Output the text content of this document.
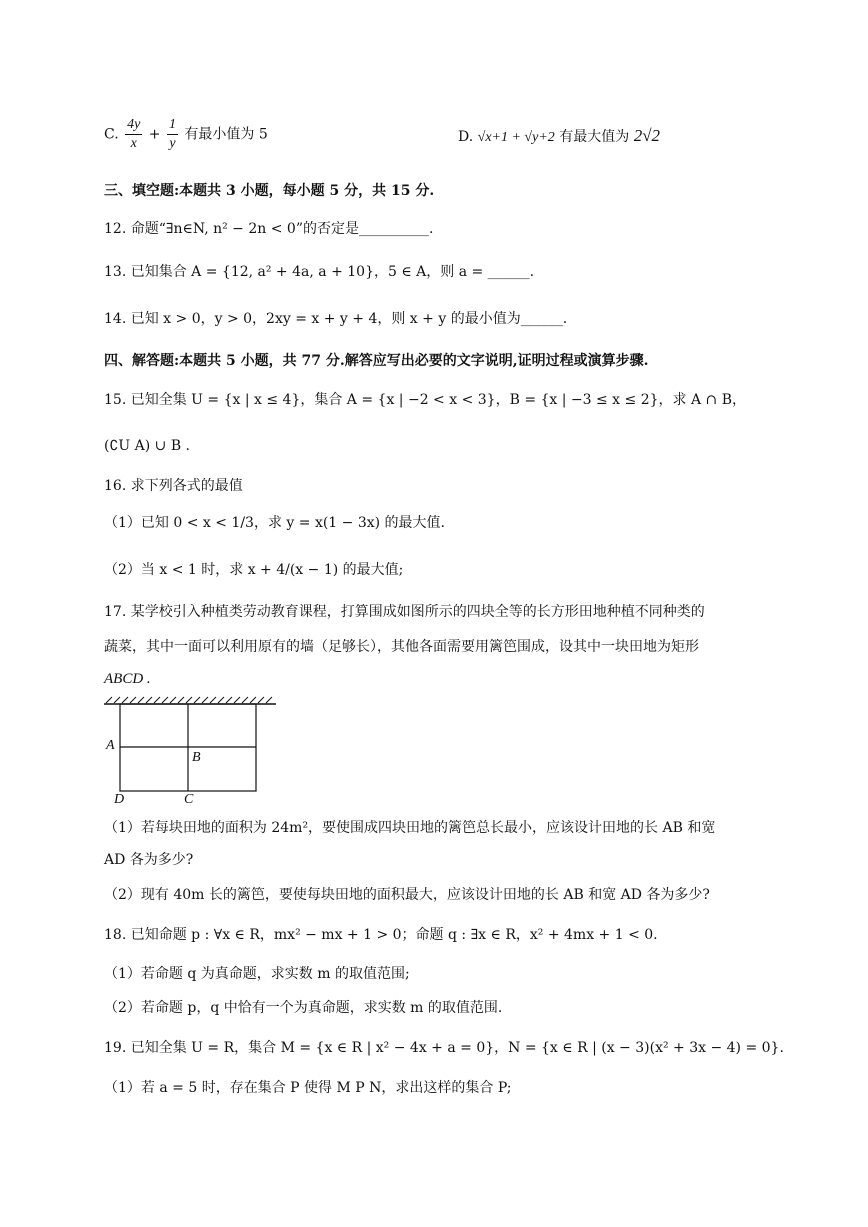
C. $\frac{4y}{x} + \frac{1}{y}$ 有最小值为 5	D. √x+1 + √y+2 有最大值为 2√2
三、填空题:本题共 3 小题，每小题 5 分，共 15 分.
12. 命题“∃n∈N, n² − 2n < 0”的否定是__________.
13. 已知集合 A = {12, a² + 4a, a + 10}，5 ∈ A，则 a = ______.
14. 已知 x > 0，y > 0，2xy = x + y + 4，则 x + y 的最小值为______.
四、解答题:本题共 5 小题，共 77 分.解答应写出必要的文字说明,证明过程或演算步骤.
15. 已知全集 U = {x | x ≤ 4}，集合 A = {x | −2 < x < 3}，B = {x | −3 ≤ x ≤ 2}，求 A ∩ B，
(∁U A) ∪ B .
16. 求下列各式的最值
（1）已知 0 < x < 1/3，求 y = x(1 − 3x) 的最大值.
（2）当 x < 1 时，求 x + 4/(x − 1) 的最大值;
17. 某学校引入种植类劳动教育课程，打算围成如图所示的四块全等的长方形田地种植不同种类的
蔬菜，其中一面可以利用原有的墙（足够长），其他各面需要用篱笆围成，设其中一块田地为矩形
ABCD .
A
B
C
D
（1）若每块田地的面积为 24m²，要使围成四块田地的篱笆总长最小，应该设计田地的长 AB 和宽
AD 各为多少?
（2）现有 40m 长的篱笆，要使每块田地的面积最大，应该设计田地的长 AB 和宽 AD 各为多少?
18. 已知命题 p : ∀x ∈ R，mx² − mx + 1 > 0；命题 q : ∃x ∈ R，x² + 4mx + 1 < 0.
（1）若命题 q 为真命题，求实数 m 的取值范围;
（2）若命题 p，q 中恰有一个为真命题，求实数 m 的取值范围.
19. 已知全集 U = R，集合 M = {x ∈ R | x² − 4x + a = 0}，N = {x ∈ R | (x − 3)(x² + 3x − 4) = 0}.
（1）若 a = 5 时，存在集合 P 使得 M P N，求出这样的集合 P;
